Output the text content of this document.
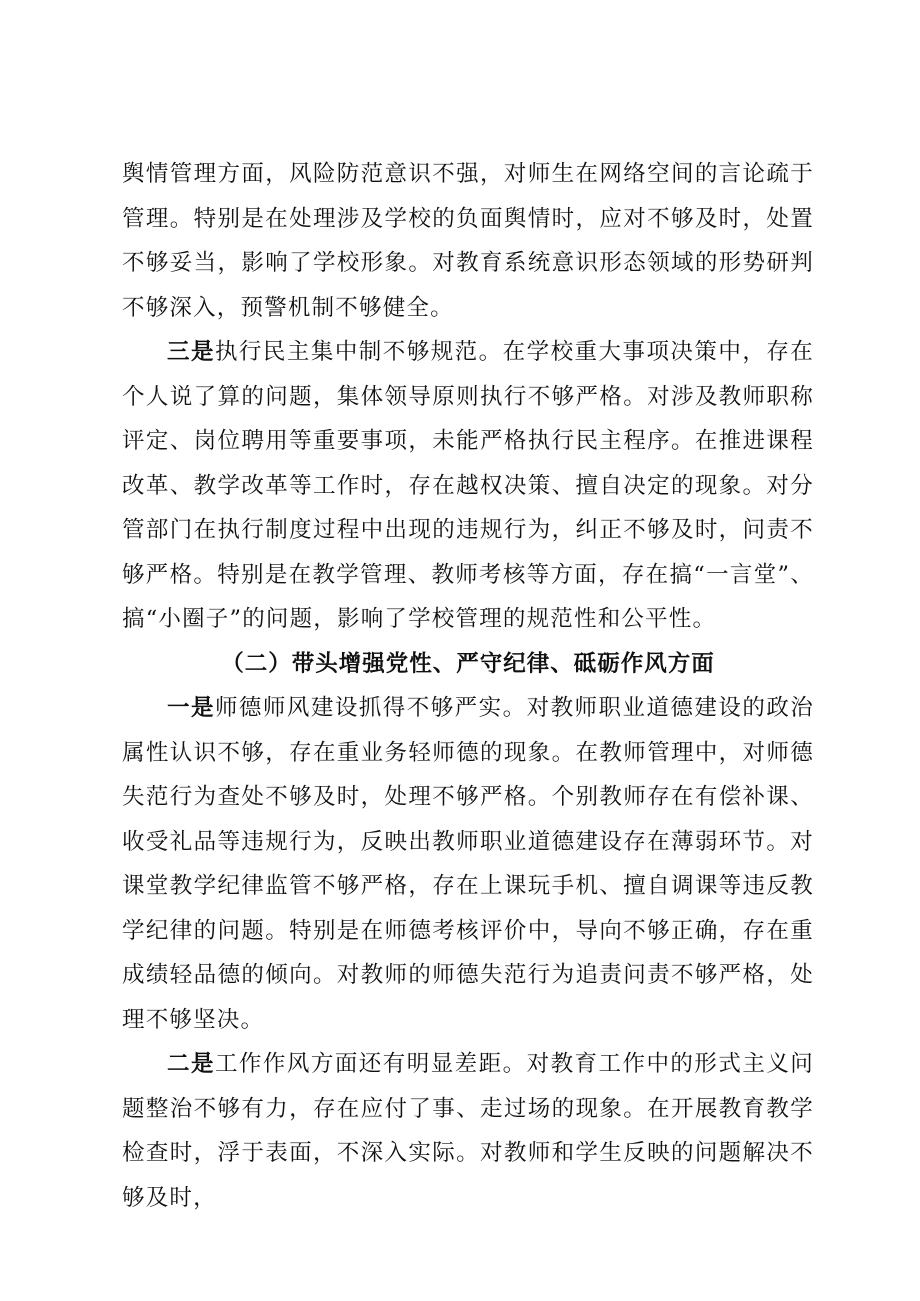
舆情管理方面，风险防范意识不强，对师生在网络空间的言论疏于管理。特别是在处理涉及学校的负面舆情时，应对不够及时，处置不够妥当，影响了学校形象。对教育系统意识形态领域的形势研判不够深入，预警机制不够健全。

三是执行民主集中制不够规范。在学校重大事项决策中，存在个人说了算的问题，集体领导原则执行不够严格。对涉及教师职称评定、岗位聘用等重要事项，未能严格执行民主程序。在推进课程改革、教学改革等工作时，存在越权决策、擅自决定的现象。对分管部门在执行制度过程中出现的违规行为，纠正不够及时，问责不够严格。特别是在教学管理、教师考核等方面，存在搞“一言堂”、搞“小圈子”的问题，影响了学校管理的规范性和公平性。

（二）带头增强党性、严守纪律、砥砺作风方面

一是师德师风建设抓得不够严实。对教师职业道德建设的政治属性认识不够，存在重业务轻师德的现象。在教师管理中，对师德失范行为查处不够及时，处理不够严格。个别教师存在有偿补课、收受礼品等违规行为，反映出教师职业道德建设存在薄弱环节。对课堂教学纪律监管不够严格，存在上课玩手机、擅自调课等违反教学纪律的问题。特别是在师德考核评价中，导向不够正确，存在重成绩轻品德的倾向。对教师的师德失范行为追责问责不够严格，处理不够坚决。

二是工作作风方面还有明显差距。对教育工作中的形式主义问题整治不够有力，存在应付了事、走过场的现象。在开展教育教学检查时，浮于表面，不深入实际。对教师和学生反映的问题解决不够及时，
